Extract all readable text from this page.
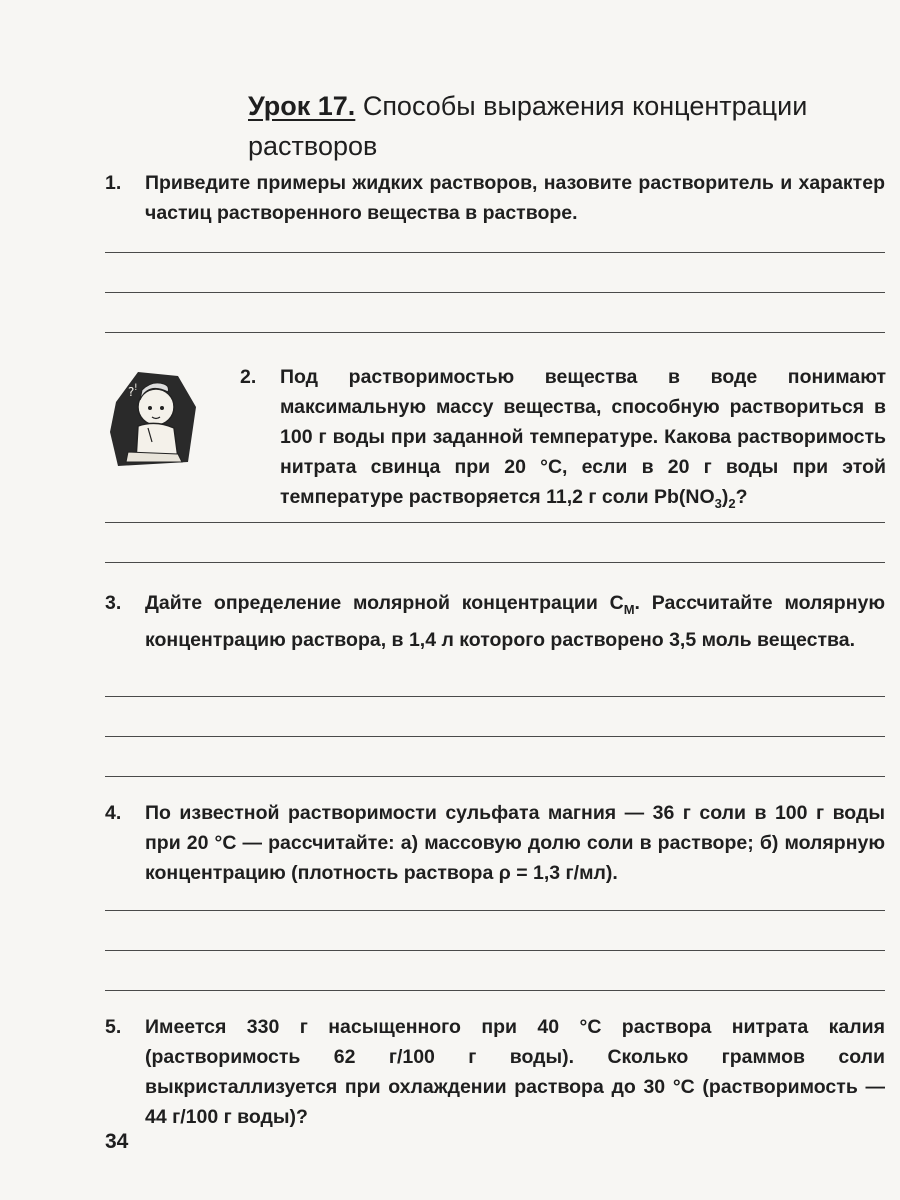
Урок 17. Способы выражения концентрации растворов
1. Приведите примеры жидких растворов, назовите растворитель и характер частиц растворенного вещества в растворе.
? !	2. Под растворимостью вещества в воде понимают максимальную массу вещества, способную раствориться в 100 г воды при заданной температуре. Какова растворимость нитрата свинца при 20 °С, если в 20 г воды при этой температуре растворяется 11,2 г соли $Pb(NO_3)_2$?
3. Дайте определение молярной концентрации $C_M$. Рассчитайте молярную концентрацию раствора, в 1,4 л которого растворено 3,5 моль вещества.
4. По известной растворимости сульфата магния — 36 г соли в 100 г воды при 20 °С — рассчитайте: а) массовую долю соли в растворе; б) молярную концентрацию (плотность раствора ρ = 1,3 г/мл).
5. Имеется 330 г насыщенного при 40 °С раствора нитрата калия (растворимость 62 г/100 г воды). Сколько граммов соли выкристаллизуется при охлаждении раствора до 30 °С (растворимость — 44 г/100 г воды)?
34
